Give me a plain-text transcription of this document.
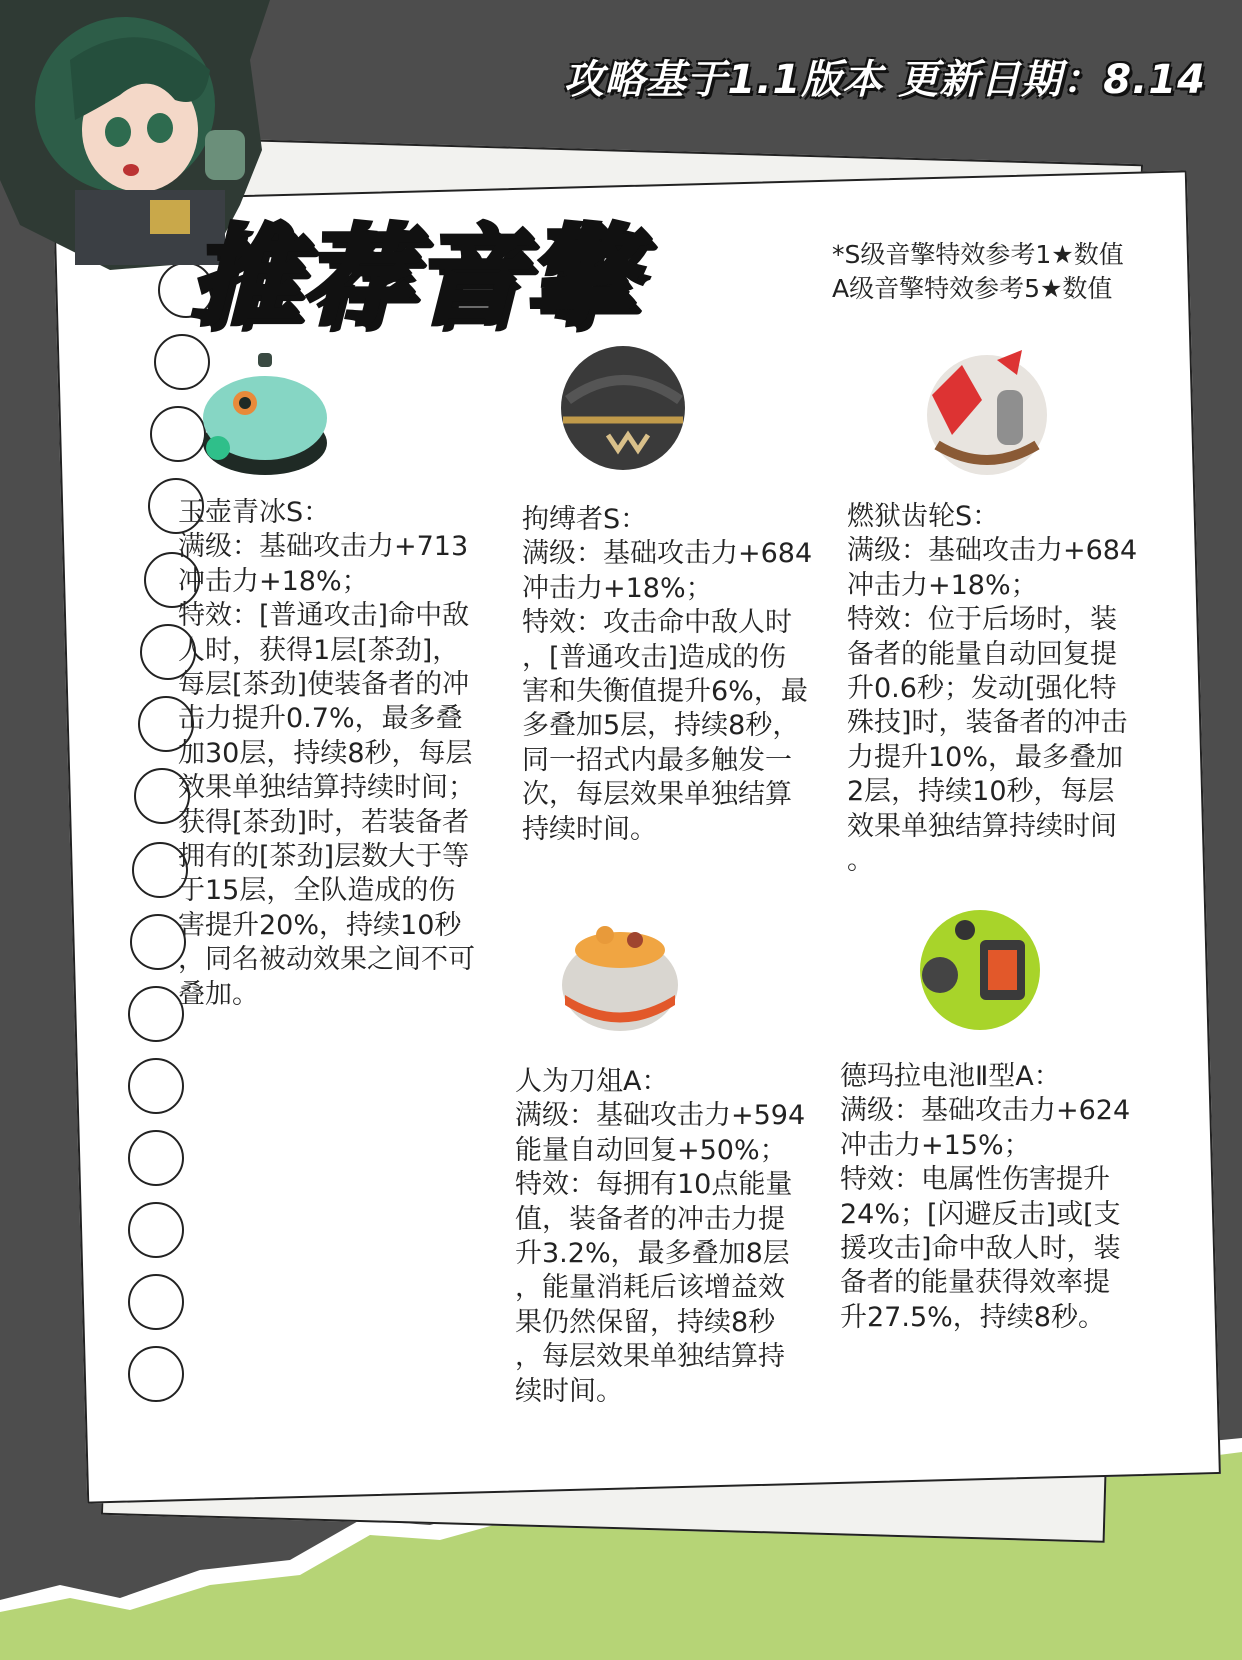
攻略基于1.1版本 更新日期：8.14
推荐音擎	*S级音擎特效参考1★数值
A级音擎特效参考5★数值
玉壶青冰S：
满级：基础攻击力+713
冲击力+18%；
特效：[普通攻击]命中敌
人时，获得1层[茶劲]，
每层[茶劲]使装备者的冲
击力提升0.7%，最多叠
加30层，持续8秒，每层
效果单独结算持续时间；
获得[茶劲]时，若装备者
拥有的[茶劲]层数大于等
于15层，全队造成的伤
害提升20%，持续10秒
，同名被动效果之间不可
叠加。
拘缚者S：
满级：基础攻击力+684
冲击力+18%；
特效：攻击命中敌人时
，[普通攻击]造成的伤
害和失衡值提升6%，最
多叠加5层，持续8秒，
同一招式内最多触发一
次，每层效果单独结算
持续时间。
燃狱齿轮S：
满级：基础攻击力+684
冲击力+18%；
特效：位于后场时，装
备者的能量自动回复提
升0.6秒；发动[强化特
殊技]时，装备者的冲击
力提升10%，最多叠加
2层，持续10秒，每层
效果单独结算持续时间
。
人为刀俎A：
满级：基础攻击力+594
能量自动回复+50%；
特效：每拥有10点能量
值，装备者的冲击力提
升3.2%，最多叠加8层
，能量消耗后该增益效
果仍然保留，持续8秒
，每层效果单独结算持
续时间。
德玛拉电池Ⅱ型A：
满级：基础攻击力+624
冲击力+15%；
特效：电属性伤害提升
24%；[闪避反击]或[支
援攻击]命中敌人时，装
备者的能量获得效率提
升27.5%，持续8秒。
